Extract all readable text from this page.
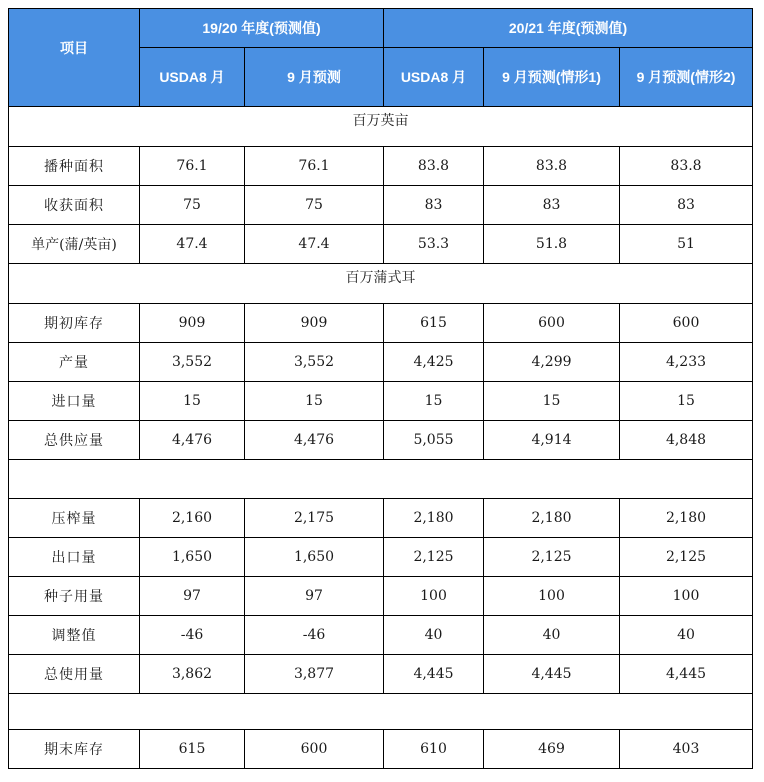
项目	19/20 年度(预测值)		20/21 年度(预测值)		
	USDA8 月	9 月预测	USDA8 月	9 月预测(情形1)	9 月预测(情形2)
百万英亩					
播种面积	76.1	76.1	83.8	83.8	83.8
收获面积	75	75	83	83	83
单产(蒲/英亩)	47.4	47.4	53.3	51.8	51
百万蒲式耳					
期初库存	909	909	615	600	600
产量	3,552	3,552	4,425	4,299	4,233
进口量	15	15	15	15	15
总供应量	4,476	4,476	5,055	4,914	4,848

压榨量	2,160	2,175	2,180	2,180	2,180
出口量	1,650	1,650	2,125	2,125	2,125
种子用量	97	97	100	100	100
调整值	-46	-46	40	40	40
总使用量	3,862	3,877	4,445	4,445	4,445

期末库存	615	600	610	469	403
